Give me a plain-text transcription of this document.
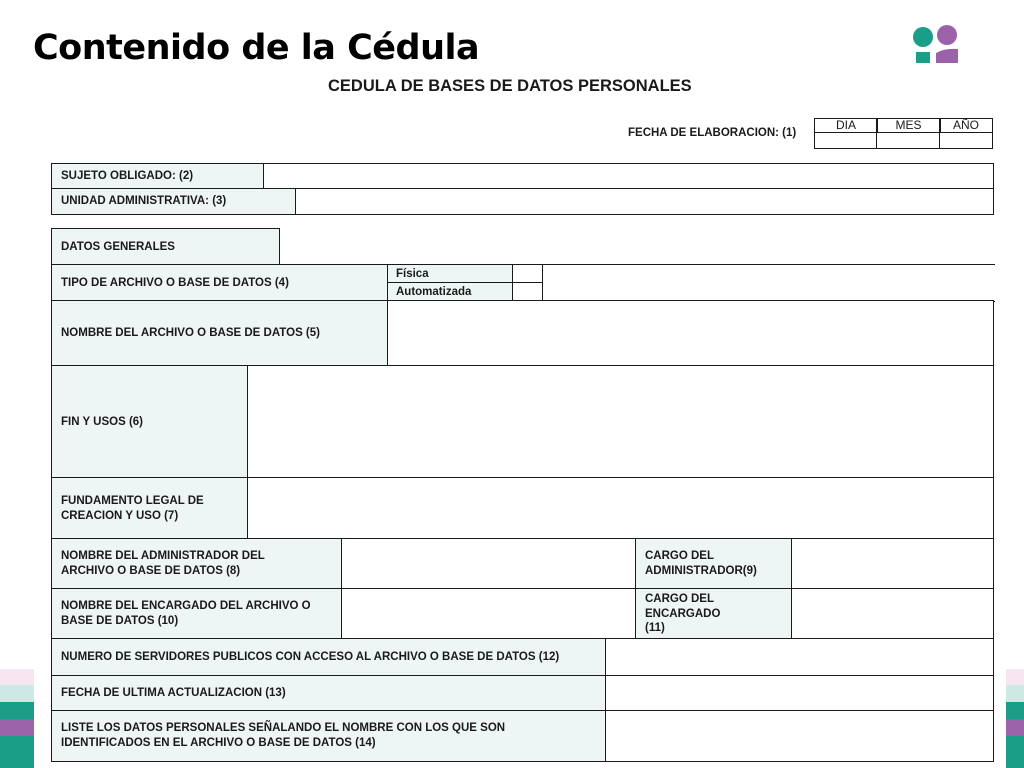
Contenido de la Cédula
CEDULA DE BASES DE DATOS PERSONALES
FECHA DE ELABORACION: (1)
DIA	MES	AÑO
SUJETO OBLIGADO: (2)
UNIDAD ADMINISTRATIVA: (3)
DATOS GENERALES
TIPO DE ARCHIVO O BASE DE DATOS (4)
Física
Automatizada
NOMBRE DEL ARCHIVO O BASE DE DATOS (5)
FIN Y USOS (6)
FUNDAMENTO LEGAL DE CREACION Y USO (7)
NOMBRE DEL ADMINISTRADOR DEL ARCHIVO O BASE DE DATOS (8)
CARGO DEL ADMINISTRADOR(9)
NOMBRE DEL ENCARGADO DEL ARCHIVO O BASE DE DATOS (10)
CARGO DEL ENCARGADO (11)
NUMERO DE SERVIDORES PUBLICOS CON ACCESO AL ARCHIVO O BASE DE DATOS (12)
FECHA DE ULTIMA ACTUALIZACION (13)
LISTE LOS DATOS PERSONALES SEÑALANDO EL NOMBRE CON LOS QUE SON IDENTIFICADOS EN EL ARCHIVO O BASE DE DATOS (14)
